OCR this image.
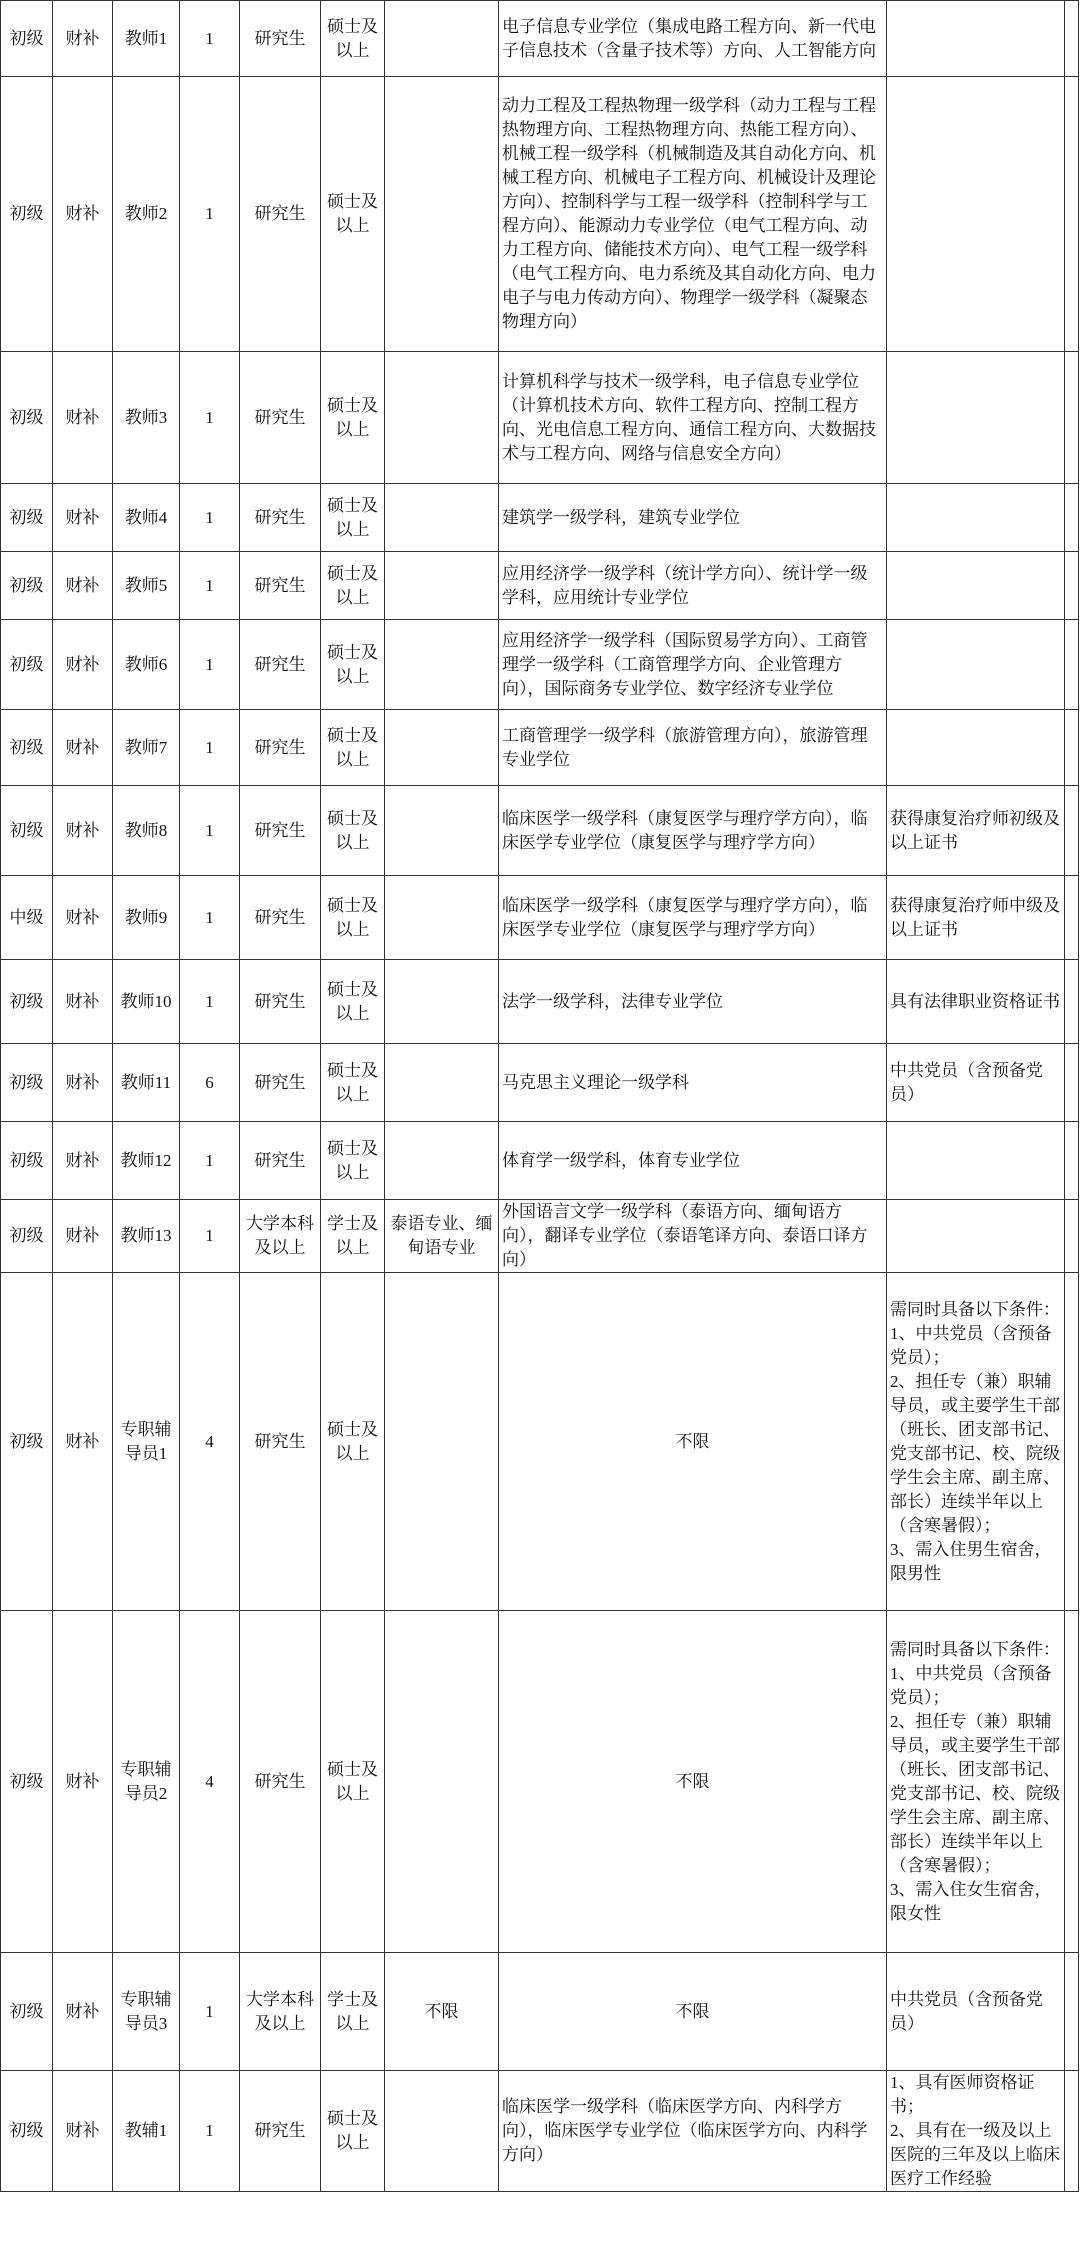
初级	财补	教师1	1	研究生	硕士及以上		电子信息专业学位（集成电路工程方向、新一代电子信息技术（含量子技术等）方向、人工智能方向		
初级	财补	教师2	1	研究生	硕士及以上		动力工程及工程热物理一级学科（动力工程与工程热物理方向、工程热物理方向、热能工程方向）、机械工程一级学科（机械制造及其自动化方向、机械工程方向、机械电子工程方向、机械设计及理论方向）、控制科学与工程一级学科（控制科学与工程方向）、能源动力专业学位（电气工程方向、动力工程方向、储能技术方向）、电气工程一级学科（电气工程方向、电力系统及其自动化方向、电力电子与电力传动方向）、物理学一级学科（凝聚态物理方向）		
初级	财补	教师3	1	研究生	硕士及以上		计算机科学与技术一级学科，电子信息专业学位（计算机技术方向、软件工程方向、控制工程方向、光电信息工程方向、通信工程方向、大数据技术与工程方向、网络与信息安全方向）		
初级	财补	教师4	1	研究生	硕士及以上		建筑学一级学科，建筑专业学位		
初级	财补	教师5	1	研究生	硕士及以上		应用经济学一级学科（统计学方向）、统计学一级学科，应用统计专业学位		
初级	财补	教师6	1	研究生	硕士及以上		应用经济学一级学科（国际贸易学方向）、工商管理学一级学科（工商管理学方向、企业管理方向），国际商务专业学位、数字经济专业学位		
初级	财补	教师7	1	研究生	硕士及以上		工商管理学一级学科（旅游管理方向），旅游管理专业学位		
初级	财补	教师8	1	研究生	硕士及以上		临床医学一级学科（康复医学与理疗学方向），临床医学专业学位（康复医学与理疗学方向）	获得康复治疗师初级及以上证书	
中级	财补	教师9	1	研究生	硕士及以上		临床医学一级学科（康复医学与理疗学方向），临床医学专业学位（康复医学与理疗学方向）	获得康复治疗师中级及以上证书	
初级	财补	教师10	1	研究生	硕士及以上		法学一级学科，法律专业学位	具有法律职业资格证书	
初级	财补	教师11	6	研究生	硕士及以上		马克思主义理论一级学科	中共党员（含预备党员）	
初级	财补	教师12	1	研究生	硕士及以上		体育学一级学科，体育专业学位		
初级	财补	教师13	1	大学本科及以上	学士及以上	泰语专业、缅甸语专业	外国语言文学一级学科（泰语方向、缅甸语方向），翻译专业学位（泰语笔译方向、泰语口译方向）		
初级	财补	专职辅导员1	4	研究生	硕士及以上		不限	需同时具备以下条件：
1、中共党员（含预备党员）；
2、担任专（兼）职辅导员，或主要学生干部（班长、团支部书记、党支部书记、校、院级学生会主席、副主席、部长）连续半年以上（含寒暑假）；
3、需入住男生宿舍，限男性	
初级	财补	专职辅导员2	4	研究生	硕士及以上		不限	需同时具备以下条件：
1、中共党员（含预备党员）；
2、担任专（兼）职辅导员，或主要学生干部（班长、团支部书记、党支部书记、校、院级学生会主席、副主席、部长）连续半年以上（含寒暑假）；
3、需入住女生宿舍，限女性	
初级	财补	专职辅导员3	1	大学本科及以上	学士及以上	不限	不限	中共党员（含预备党员）	
初级	财补	教辅1	1	研究生	硕士及以上		临床医学一级学科（临床医学方向、内科学方向），临床医学专业学位（临床医学方向、内科学方向）	1、具有医师资格证书；
2、具有在一级及以上医院的三年及以上临床医疗工作经验	
